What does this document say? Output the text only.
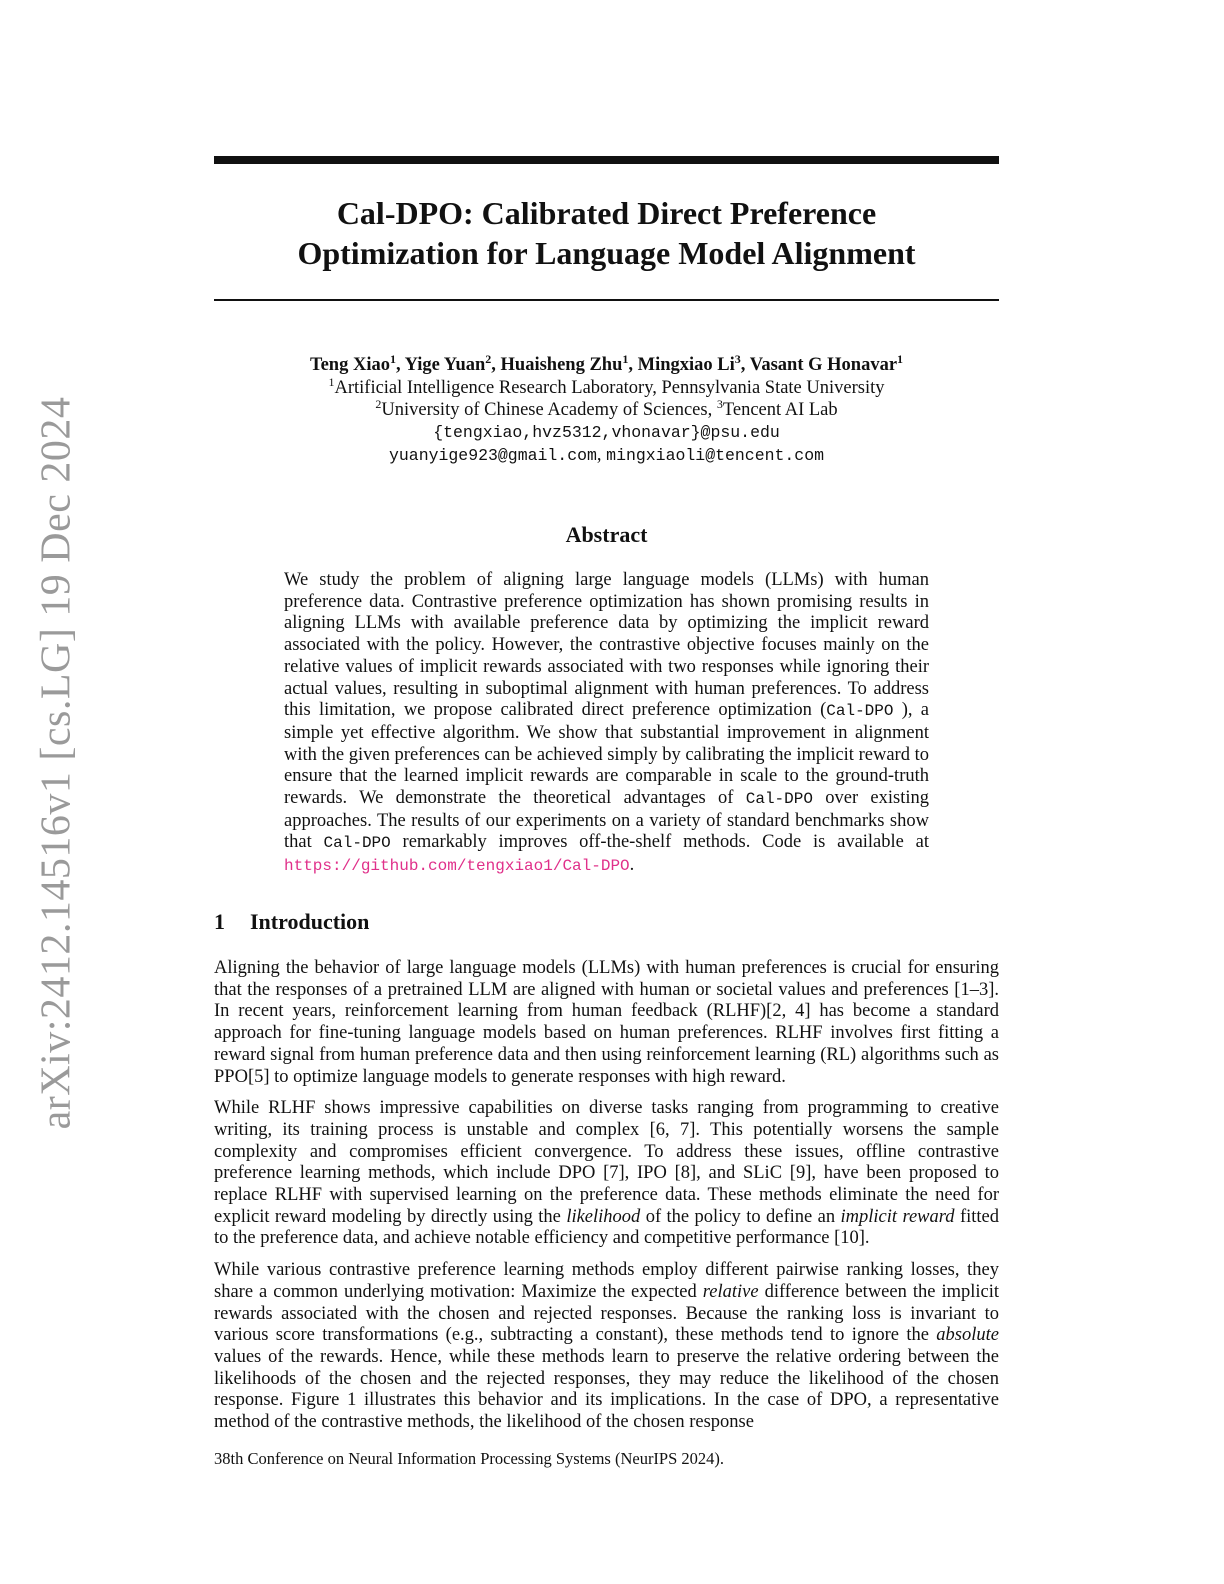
arXiv:2412.14516v1 [cs.LG] 19 Dec 2024
Cal-DPO: Calibrated Direct Preference
Optimization for Language Model Alignment
Teng Xiao$^1$, Yige Yuan$^2$, Huaisheng Zhu$^1$, Mingxiao Li$^3$, Vasant G Honavar$^1$
$^1$Artificial Intelligence Research Laboratory, Pennsylvania State University
$^2$University of Chinese Academy of Sciences, $^3$Tencent AI Lab
{tengxiao,hvz5312,vhonavar}@psu.edu
yuanyige923@gmail.com, mingxiaoli@tencent.com
Abstract

We study the problem of aligning large language models (LLMs) with human preference data. Contrastive preference optimization has shown promising results in aligning LLMs with available preference data by optimizing the implicit reward associated with the policy. However, the contrastive objective focuses mainly on the relative values of implicit rewards associated with two responses while ignoring their actual values, resulting in suboptimal alignment with human preferences. To address this limitation, we propose calibrated direct preference optimization (Cal-DPO ), a simple yet effective algorithm. We show that substantial improvement in alignment with the given preferences can be achieved simply by calibrating the implicit reward to ensure that the learned implicit rewards are comparable in scale to the ground-truth rewards. We demonstrate the theoretical advantages of Cal-DPO over existing approaches. The results of our experiments on a variety of standard benchmarks show that Cal-DPO remarkably improves off-the-shelf methods. Code is available at https://github.com/tengxiao1/Cal-DPO.

1 Introduction

Aligning the behavior of large language models (LLMs) with human preferences is crucial for ensuring that the responses of a pretrained LLM are aligned with human or societal values and preferences [1–3]. In recent years, reinforcement learning from human feedback (RLHF)[2, 4] has become a standard approach for fine-tuning language models based on human preferences. RLHF involves first fitting a reward signal from human preference data and then using reinforcement learning (RL) algorithms such as PPO[5] to optimize language models to generate responses with high reward.

While RLHF shows impressive capabilities on diverse tasks ranging from programming to creative writing, its training process is unstable and complex [6, 7]. This potentially worsens the sample complexity and compromises efficient convergence. To address these issues, offline contrastive preference learning methods, which include DPO [7], IPO [8], and SLiC [9], have been proposed to replace RLHF with supervised learning on the preference data. These methods eliminate the need for explicit reward modeling by directly using the likelihood of the policy to define an implicit reward fitted to the preference data, and achieve notable efficiency and competitive performance [10].

While various contrastive preference learning methods employ different pairwise ranking losses, they share a common underlying motivation: Maximize the expected relative difference between the implicit rewards associated with the chosen and rejected responses. Because the ranking loss is invariant to various score transformations (e.g., subtracting a constant), these methods tend to ignore the absolute values of the rewards. Hence, while these methods learn to preserve the relative ordering between the likelihoods of the chosen and the rejected responses, they may reduce the likelihood of the chosen response. Figure 1 illustrates this behavior and its implications. In the case of DPO, a representative method of the contrastive methods, the likelihood of the chosen response

38th Conference on Neural Information Processing Systems (NeurIPS 2024).
